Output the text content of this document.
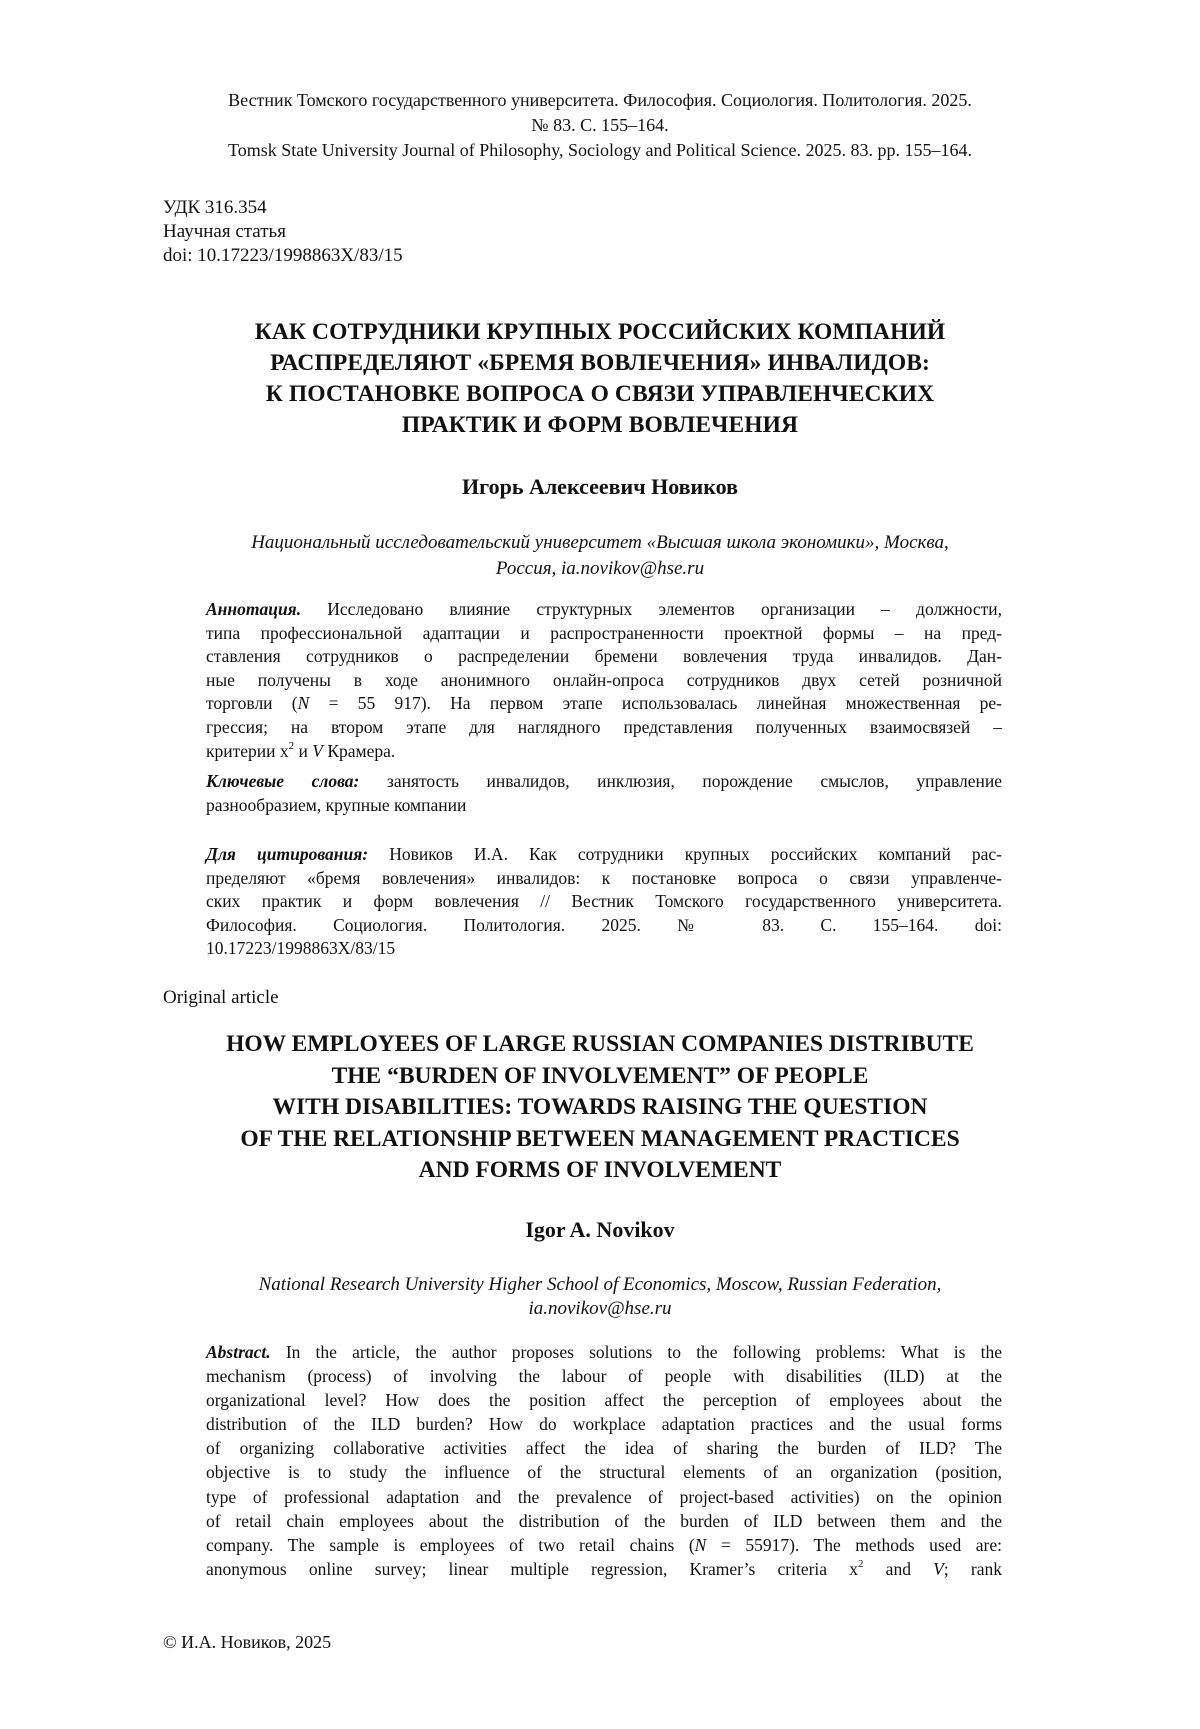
Вестник Томского государственного университета. Философия. Социология. Политология. 2025.
№ 83. С. 155–164.
Tomsk State University Journal of Philosophy, Sociology and Political Science. 2025. 83. pp. 155–164.
УДК 316.354
Научная статья
doi: 10.17223/1998863X/83/15
КАК СОТРУДНИКИ КРУПНЫХ РОССИЙСКИХ КОМПАНИЙ
РАСПРЕДЕЛЯЮТ «БРЕМЯ ВОВЛЕЧЕНИЯ» ИНВАЛИДОВ:
К ПОСТАНОВКЕ ВОПРОСА О СВЯЗИ УПРАВЛЕНЧЕСКИХ
ПРАКТИК И ФОРМ ВОВЛЕЧЕНИЯ
Игорь Алексеевич Новиков
Национальный исследовательский университет «Высшая школа экономики», Москва,
Россия, ia.novikov@hse.ru
Аннотация. Исследовано влияние структурных элементов организации – должности,
типа профессиональной адаптации и распространенности проектной формы – на пред-
ставления сотрудников о распределении бремени вовлечения труда инвалидов. Дан-
ные получены в ходе анонимного онлайн-опроса сотрудников двух сетей розничной
торговли (N = 55 917). На первом этапе использовалась линейная множественная ре-
грессия; на втором этапе для наглядного представления полученных взаимосвязей –
критерии $x^2$ и V Крамера.
Ключевые слова: занятость инвалидов, инклюзия, порождение смыслов, управление
разнообразием, крупные компании
Для цитирования: Новиков И.А. Как сотрудники крупных российских компаний рас-
пределяют «бремя вовлечения» инвалидов: к постановке вопроса о связи управленче-
ских практик и форм вовлечения // Вестник Томского государственного университета.
Философия. Социология. Политология. 2025. № 83. С. 155–164. doi:
10.17223/1998863X/83/15
Original article
HOW EMPLOYEES OF LARGE RUSSIAN COMPANIES DISTRIBUTE
THE “BURDEN OF INVOLVEMENT” OF PEOPLE
WITH DISABILITIES: TOWARDS RAISING THE QUESTION
OF THE RELATIONSHIP BETWEEN MANAGEMENT PRACTICES
AND FORMS OF INVOLVEMENT
Igor A. Novikov
National Research University Higher School of Economics, Moscow, Russian Federation,
ia.novikov@hse.ru
Abstract. In the article, the author proposes solutions to the following problems: What is the
mechanism (process) of involving the labour of people with disabilities (ILD) at the
organizational level? How does the position affect the perception of employees about the
distribution of the ILD burden? How do workplace adaptation practices and the usual forms
of organizing collaborative activities affect the idea of sharing the burden of ILD? The
objective is to study the influence of the structural elements of an organization (position,
type of professional adaptation and the prevalence of project-based activities) on the opinion
of retail chain employees about the distribution of the burden of ILD between them and the
company. The sample is employees of two retail chains (N = 55917). The methods used are:
anonymous online survey; linear multiple regression, Kramer’s criteria $x^2$ and V; rank
© И.А. Новиков, 2025
